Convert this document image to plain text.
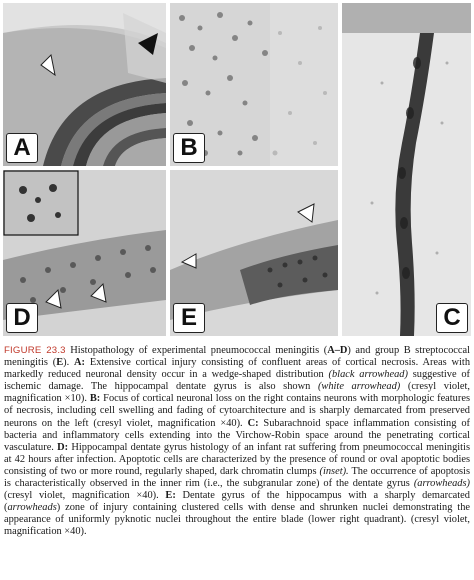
A	B
C
D	E
FIGURE 23.3 Histopathology of experimental pneumococcal meningitis (A–D) and group B streptococcal meningitis (E). A: Extensive cortical injury consisting of confluent areas of cortical necrosis. Areas with markedly reduced neuronal density occur in a wedge-shaped distribution (black arrowhead) suggestive of ischemic damage. The hippocampal dentate gyrus is also shown (white arrowhead) (cresyl violet, magnification ×10). B: Focus of cortical neuronal loss on the right contains neurons with morphologic features of necrosis, including cell swelling and fading of cytoarchitecture and is sharply demarcated from preserved neurons on the left (cresyl violet, magnification ×40). C: Subarachnoid space inflammation consisting of bacteria and inflammatory cells extending into the Virchow-Robin space around the penetrating cortical vasculature. D: Hippocampal dentate gyrus histology of an infant rat suffering from pneumococcal meningitis at 42 hours after infection. Apoptotic cells are characterized by the presence of round or oval apoptotic bodies consisting of two or more round, regularly shaped, dark chromatin clumps (inset). The occurrence of apoptosis is characteristically observed in the inner rim (i.e., the subgranular zone) of the dentate gyrus (arrowheads) (cresyl violet, magnification ×40). E: Dentate gyrus of the hippocampus with a sharply demarcated (arrowheads) zone of injury containing clustered cells with dense and shrunken nuclei demonstrating the appearance of uniformly pyknotic nuclei throughout the entire blade (lower right quadrant). (cresyl violet, magnification ×40).
